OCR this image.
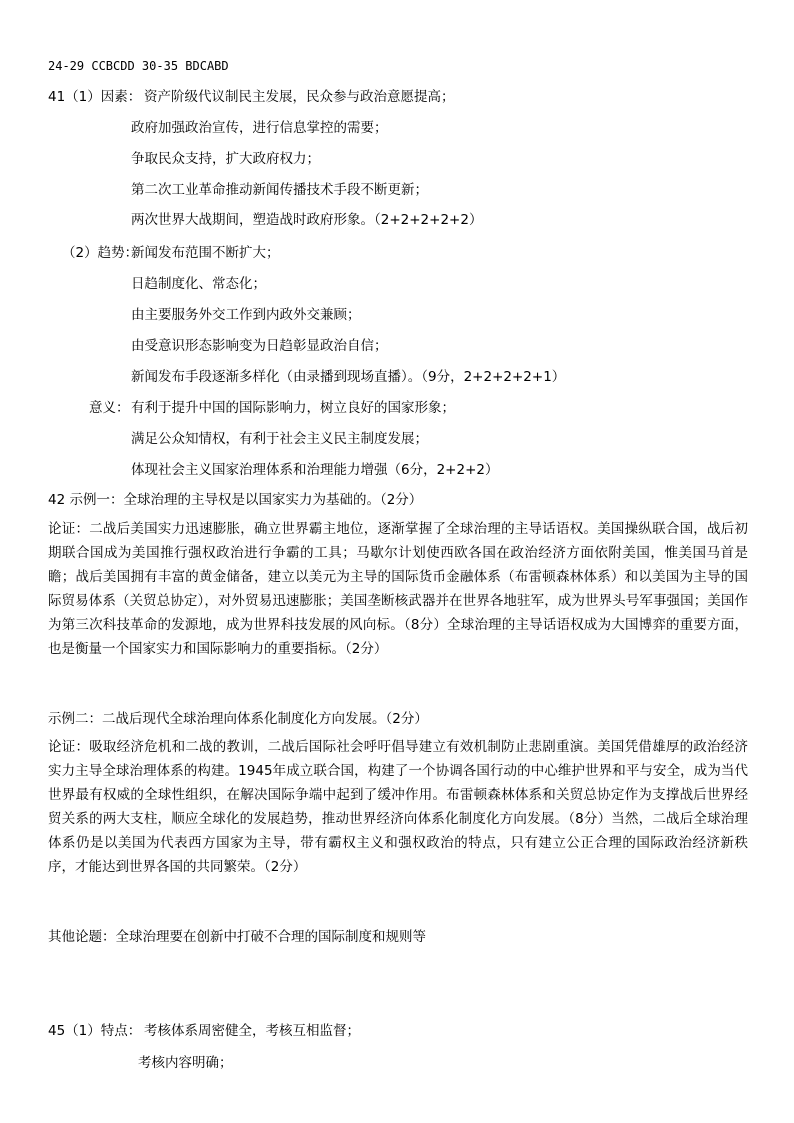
24-29 CCBCDD 30-35 BDCABD
41（1）因素： 资产阶级代议制民主发展，民众参与政治意愿提高；
政府加强政治宣传，进行信息掌控的需要；
争取民众支持，扩大政府权力；
第二次工业革命推动新闻传播技术手段不断更新；
两次世界大战期间，塑造战时政府形象。（2+2+2+2+2）
（2）趋势：
新闻发布范围不断扩大；
日趋制度化、常态化；
由主要服务外交工作到内政外交兼顾；
由受意识形态影响变为日趋彰显政治自信；
新闻发布手段逐渐多样化（由录播到现场直播）。（9分，2+2+2+2+1）
意义： 有利于提升中国的国际影响力，树立良好的国家形象；
满足公众知情权，有利于社会主义民主制度发展；
体现社会主义国家治理体系和治理能力增强（6分，2+2+2）
42 示例一：全球治理的主导权是以国家实力为基础的。（2分）
论证：二战后美国实力迅速膨胀，确立世界霸主地位，逐渐掌握了全球治理的主导话语权。美国操纵联合国，战后初期联合国成为美国推行强权政治进行争霸的工具；马歇尔计划使西欧各国在政治经济方面依附美国，惟美国马首是瞻；战后美国拥有丰富的黄金储备，建立以美元为主导的国际货币金融体系（布雷顿森林体系）和以美国为主导的国际贸易体系（关贸总协定），对外贸易迅速膨胀；美国垄断核武器并在世界各地驻军，成为世界头号军事强国；美国作为第三次科技革命的发源地，成为世界科技发展的风向标。（8分）全球治理的主导话语权成为大国博弈的重要方面，也是衡量一个国家实力和国际影响力的重要指标。（2分）
示例二：二战后现代全球治理向体系化制度化方向发展。（2分）
论证：吸取经济危机和二战的教训，二战后国际社会呼吁倡导建立有效机制防止悲剧重演。美国凭借雄厚的政治经济实力主导全球治理体系的构建。1945年成立联合国，构建了一个协调各国行动的中心维护世界和平与安全，成为当代世界最有权威的全球性组织，在解决国际争端中起到了缓冲作用。布雷顿森林体系和关贸总协定作为支撑战后世界经贸关系的两大支柱，顺应全球化的发展趋势，推动世界经济向体系化制度化方向发展。（8分）当然，二战后全球治理体系仍是以美国为代表西方国家为主导，带有霸权主义和强权政治的特点，只有建立公正合理的国际政治经济新秩序，才能达到世界各国的共同繁荣。（2分）
其他论题：全球治理要在创新中打破不合理的国际制度和规则等
45（1）特点： 考核体系周密健全，考核互相监督；
考核内容明确；
